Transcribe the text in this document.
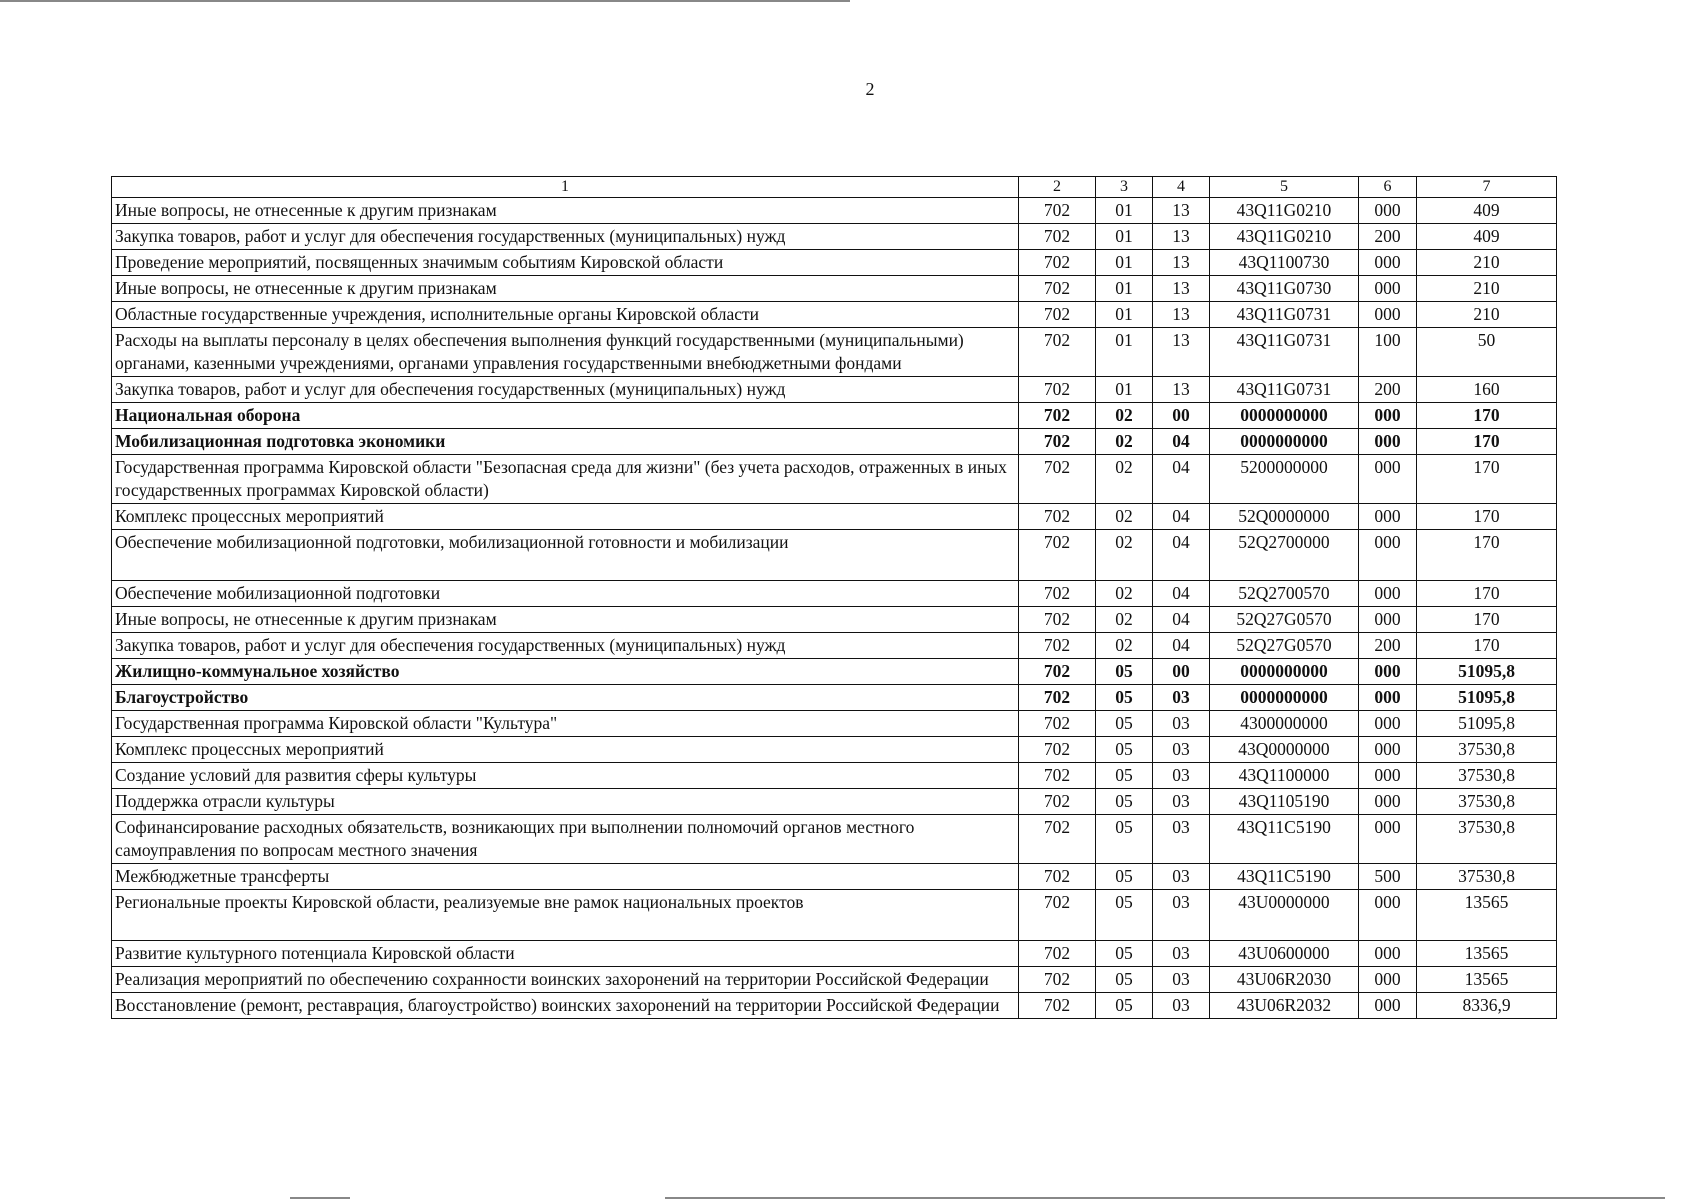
2
1	2	3	4	5	6	7
Иные вопросы, не отнесенные к другим признакам	702	01	13	43Q11G0210	000	409
Закупка товаров, работ и услуг для обеспечения государственных (муниципальных) нужд	702	01	13	43Q11G0210	200	409
Проведение мероприятий, посвященных значимым событиям Кировской области	702	01	13	43Q1100730	000	210
Иные вопросы, не отнесенные к другим признакам	702	01	13	43Q11G0730	000	210
Областные государственные учреждения, исполнительные органы Кировской области	702	01	13	43Q11G0731	000	210
Расходы на выплаты персоналу в целях обеспечения выполнения функций государственными (муниципальными) органами, казенными учреждениями, органами управления государственными внебюджетными фондами	702	01	13	43Q11G0731	100	50
Закупка товаров, работ и услуг для обеспечения государственных (муниципальных) нужд	702	01	13	43Q11G0731	200	160
Национальная оборона	702	02	00	0000000000	000	170
Мобилизационная подготовка экономики	702	02	04	0000000000	000	170
Государственная программа Кировской области "Безопасная среда для жизни" (без учета расходов, отраженных в иных государственных программах Кировской области)	702	02	04	5200000000	000	170
Комплекс процессных мероприятий	702	02	04	52Q0000000	000	170
Обеспечение мобилизационной подготовки, мобилизационной готовности и мобилизации	702	02	04	52Q2700000	000	170
Обеспечение мобилизационной подготовки	702	02	04	52Q2700570	000	170
Иные вопросы, не отнесенные к другим признакам	702	02	04	52Q27G0570	000	170
Закупка товаров, работ и услуг для обеспечения государственных (муниципальных) нужд	702	02	04	52Q27G0570	200	170
Жилищно-коммунальное хозяйство	702	05	00	0000000000	000	51095,8
Благоустройство	702	05	03	0000000000	000	51095,8
Государственная программа Кировской области "Культура"	702	05	03	4300000000	000	51095,8
Комплекс процессных мероприятий	702	05	03	43Q0000000	000	37530,8
Создание условий для развития сферы культуры	702	05	03	43Q1100000	000	37530,8
Поддержка отрасли культуры	702	05	03	43Q1105190	000	37530,8
Софинансирование расходных обязательств, возникающих при выполнении полномочий органов местного самоуправления по вопросам местного значения	702	05	03	43Q11C5190	000	37530,8
Межбюджетные трансферты	702	05	03	43Q11C5190	500	37530,8
Региональные проекты Кировской области, реализуемые вне рамок национальных проектов	702	05	03	43U0000000	000	13565
Развитие культурного потенциала Кировской области	702	05	03	43U0600000	000	13565
Реализация мероприятий по обеспечению сохранности воинских захоронений на территории Российской Федерации	702	05	03	43U06R2030	000	13565
Восстановление (ремонт, реставрация, благоустройство) воинских захоронений на территории Российской Федерации	702	05	03	43U06R2032	000	8336,9
